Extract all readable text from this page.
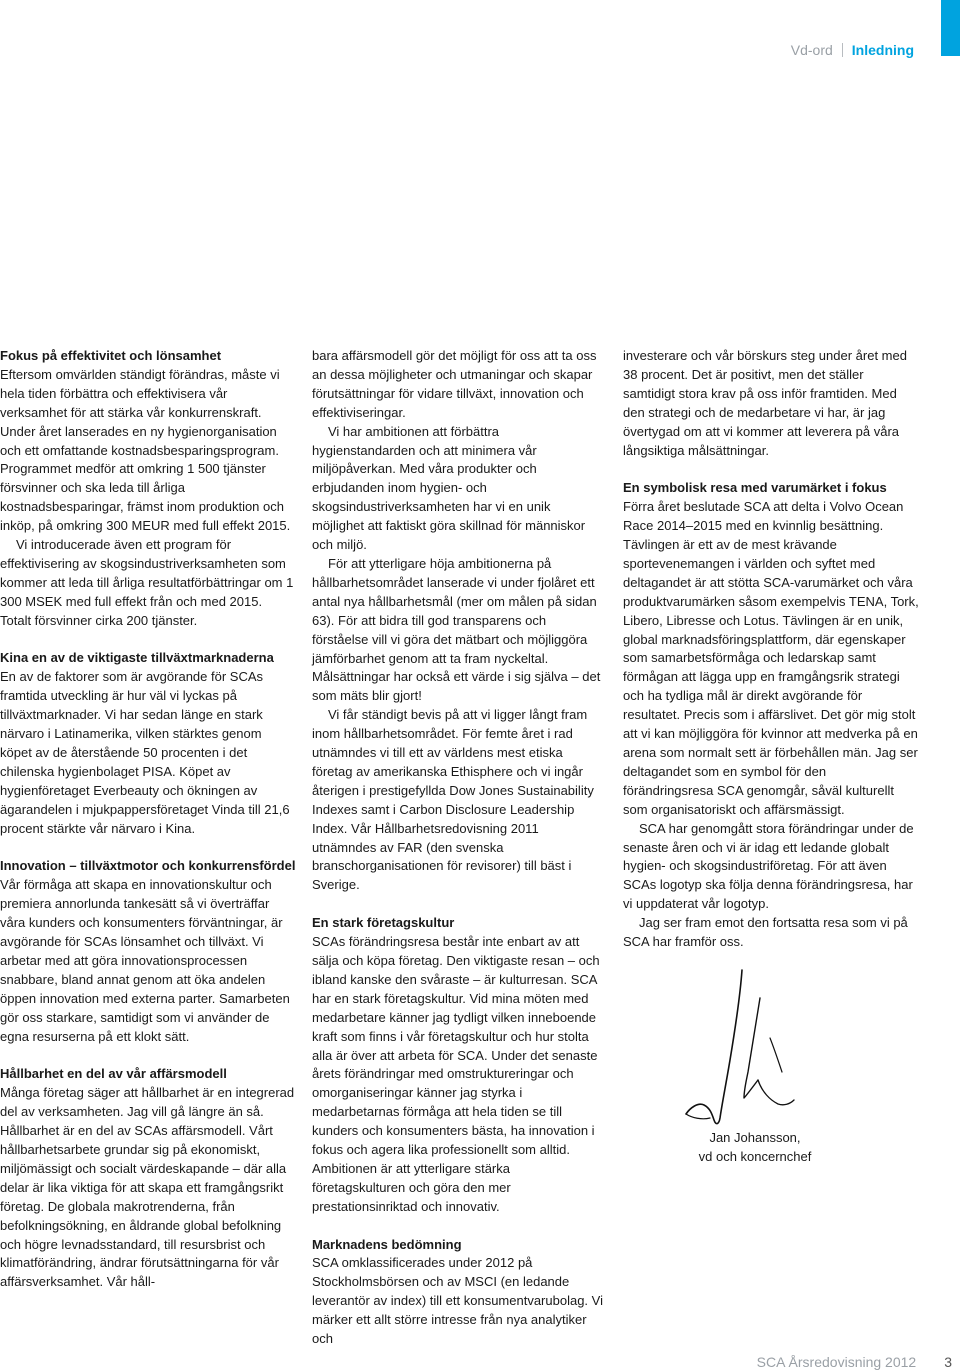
Vd-ord Inledning
Fokus på effektivitet och lönsamhet

Eftersom omvärlden ständigt förändras, måste vi hela tiden förbättra och effektivisera vår verksamhet för att stärka vår konkurrenskraft. Under året lanserades en ny hygienorganisation och ett omfattande kostnadsbesparingsprogram. Programmet medför att omkring 1 500 tjänster försvinner och ska leda till årliga kostnadsbesparingar, främst inom produktion och inköp, på omkring 300 MEUR med full effekt 2015.

Vi introducerade även ett program för effektivisering av skogsindustriverksamheten som kommer att leda till årliga resultatförbättringar om 1 300 MSEK med full effekt från och med 2015. Totalt försvinner cirka 200 tjänster.

Kina en av de viktigaste tillväxtmarknaderna

En av de faktorer som är avgörande för SCAs framtida utveckling är hur väl vi lyckas på tillväxtmarknader. Vi har sedan länge en stark närvaro i Latinamerika, vilken stärktes genom köpet av de återstående 50 procenten i det chilenska hygienbolaget PISA. Köpet av hygienföretaget Everbeauty och ökningen av ägarandelen i mjukpappersföretaget Vinda till 21,6 procent stärkte vår närvaro i Kina.

Innovation – tillväxtmotor och konkurrensfördel

Vår förmåga att skapa en innovationskultur och premiera annorlunda tankesätt så vi överträffar våra kunders och konsumenters förväntningar, är avgörande för SCAs lönsamhet och tillväxt. Vi arbetar med att göra innovationsprocessen snabbare, bland annat genom att öka andelen öppen innovation med externa parter. Samarbeten gör oss starkare, samtidigt som vi använder de egna resurserna på ett klokt sätt.

Hållbarhet en del av vår affärsmodell

Många företag säger att hållbarhet är en integrerad del av verksamheten. Jag vill gå längre än så. Hållbarhet är en del av SCAs affärsmodell. Vårt hållbarhetsarbete grundar sig på ekonomiskt, miljömässigt och socialt värdeskapande – där alla delar är lika viktiga för att skapa ett framgångsrikt företag. De globala makrotrenderna, från befolkningsökning, en åldrande global befolkning och högre levnadsstandard, till resursbrist och klimatförändring, ändrar förutsättningarna för vår affärsverksamhet. Vår håll-

bara affärsmodell gör det möjligt för oss att ta oss an dessa möjligheter och utmaningar och skapar förutsättningar för vidare tillväxt, innovation och effektiviseringar.

Vi har ambitionen att förbättra hygienstandarden och att minimera vår miljöpåverkan. Med våra produkter och erbjudanden inom hygien- och skogsindustriverksamheten har vi en unik möjlighet att faktiskt göra skillnad för människor och miljö.

För att ytterligare höja ambitionerna på hållbarhetsområdet lanserade vi under fjolåret ett antal nya hållbarhetsmål (mer om målen på sidan 63). För att bidra till god transparens och förståelse vill vi göra det mätbart och möjliggöra jämförbarhet genom att ta fram nyckeltal. Målsättningar har också ett värde i sig själva – det som mäts blir gjort!

Vi får ständigt bevis på att vi ligger långt fram inom hållbarhetsområdet. För femte året i rad utnämndes vi till ett av världens mest etiska företag av amerikanska Ethisphere och vi ingår återigen i prestigefyllda Dow Jones Sustainability Indexes samt i Carbon Disclosure Leadership Index. Vår Hållbarhetsredovisning 2011 utnämndes av FAR (den svenska branschorganisationen för revisorer) till bäst i Sverige.

En stark företagskultur

SCAs förändringsresa består inte enbart av att sälja och köpa företag. Den viktigaste resan – och ibland kanske den svåraste – är kulturresan. SCA har en stark företagskultur. Vid mina möten med medarbetare känner jag tydligt vilken inneboende kraft som finns i vår företagskultur och hur stolta alla är över att arbeta för SCA. Under det senaste årets förändringar med omstruktureringar och omorganiseringar känner jag styrka i medarbetarnas förmåga att hela tiden se till kunders och konsumenters bästa, ha innovation i fokus och agera lika professionellt som alltid. Ambitionen är att ytterligare stärka företagskulturen och göra den mer prestationsinriktad och innovativ.

Marknadens bedömning

SCA omklassificerades under 2012 på Stockholmsbörsen och av MSCI (en ledande leverantör av index) till ett konsumentvarubolag. Vi märker ett allt större intresse från nya analytiker och

investerare och vår börskurs steg under året med 38 procent. Det är positivt, men det ställer samtidigt stora krav på oss inför framtiden. Med den strategi och de medarbetare vi har, är jag övertygad om att vi kommer att leverera på våra långsiktiga målsättningar.

En symbolisk resa med varumärket i fokus

Förra året beslutade SCA att delta i Volvo Ocean Race 2014–2015 med en kvinnlig besättning. Tävlingen är ett av de mest krävande sportevenemangen i världen och syftet med deltagandet är att stötta SCA-varumärket och våra produktvarumärken såsom exempelvis TENA, Tork, Libero, Libresse och Lotus. Tävlingen är en unik, global marknadsföringsplattform, där egenskaper som samarbetsförmåga och ledarskap samt förmågan att lägga upp en framgångsrik strategi och ha tydliga mål är direkt avgörande för resultatet. Precis som i affärslivet. Det gör mig stolt att vi kan möjliggöra för kvinnor att medverka på en arena som normalt sett är förbehållen män. Jag ser deltagandet som en symbol för den förändringsresa SCA genomgår, såväl kulturellt som organisatoriskt och affärsmässigt.

SCA har genomgått stora förändringar under de senaste åren och vi är idag ett ledande globalt hygien- och skogsindustriföretag. För att även SCAs logotyp ska följa denna förändringsresa, har vi uppdaterat vår logotyp.

Jag ser fram emot den fortsatta resa som vi på SCA har framför oss.

Jan Johansson,
vd och koncernchef
SCA Årsredovisning 2012 3
